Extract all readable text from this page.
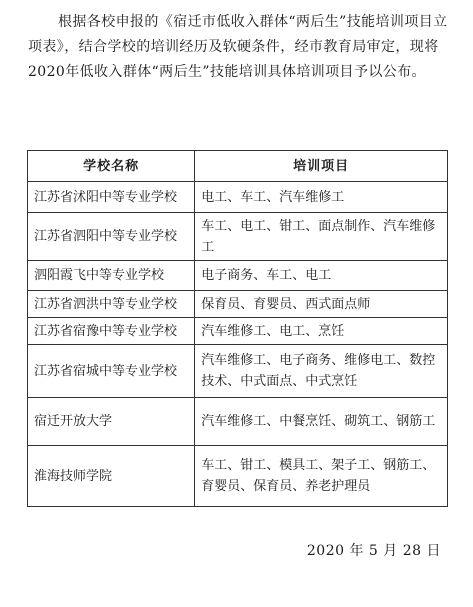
根据各校申报的《宿迁市低收入群体“两后生”技能培训项目立项表》，结合学校的培训经历及软硬条件，经市教育局审定，现将2020年低收入群体“两后生”技能培训具体培训项目予以公布。

学校名称	培训项目
江苏省沭阳中等专业学校	电工、车工、汽车维修工
江苏省泗阳中等专业学校	车工、电工、钳工、面点制作、汽车维修工
泗阳霞飞中等专业学校	电子商务、车工、电工
江苏省泗洪中等专业学校	保育员、育婴员、西式面点师
江苏省宿豫中等专业学校	汽车维修工、电工、烹饪
江苏省宿城中等专业学校	汽车维修工、电子商务、维修电工、数控技术、中式面点、中式烹饪
宿迁开放大学	汽车维修工、中餐烹饪、砌筑工、钢筋工
淮海技师学院	车工、钳工、模具工、架子工、钢筋工、育婴员、保育员、养老护理员
2020 年 5 月 28 日
